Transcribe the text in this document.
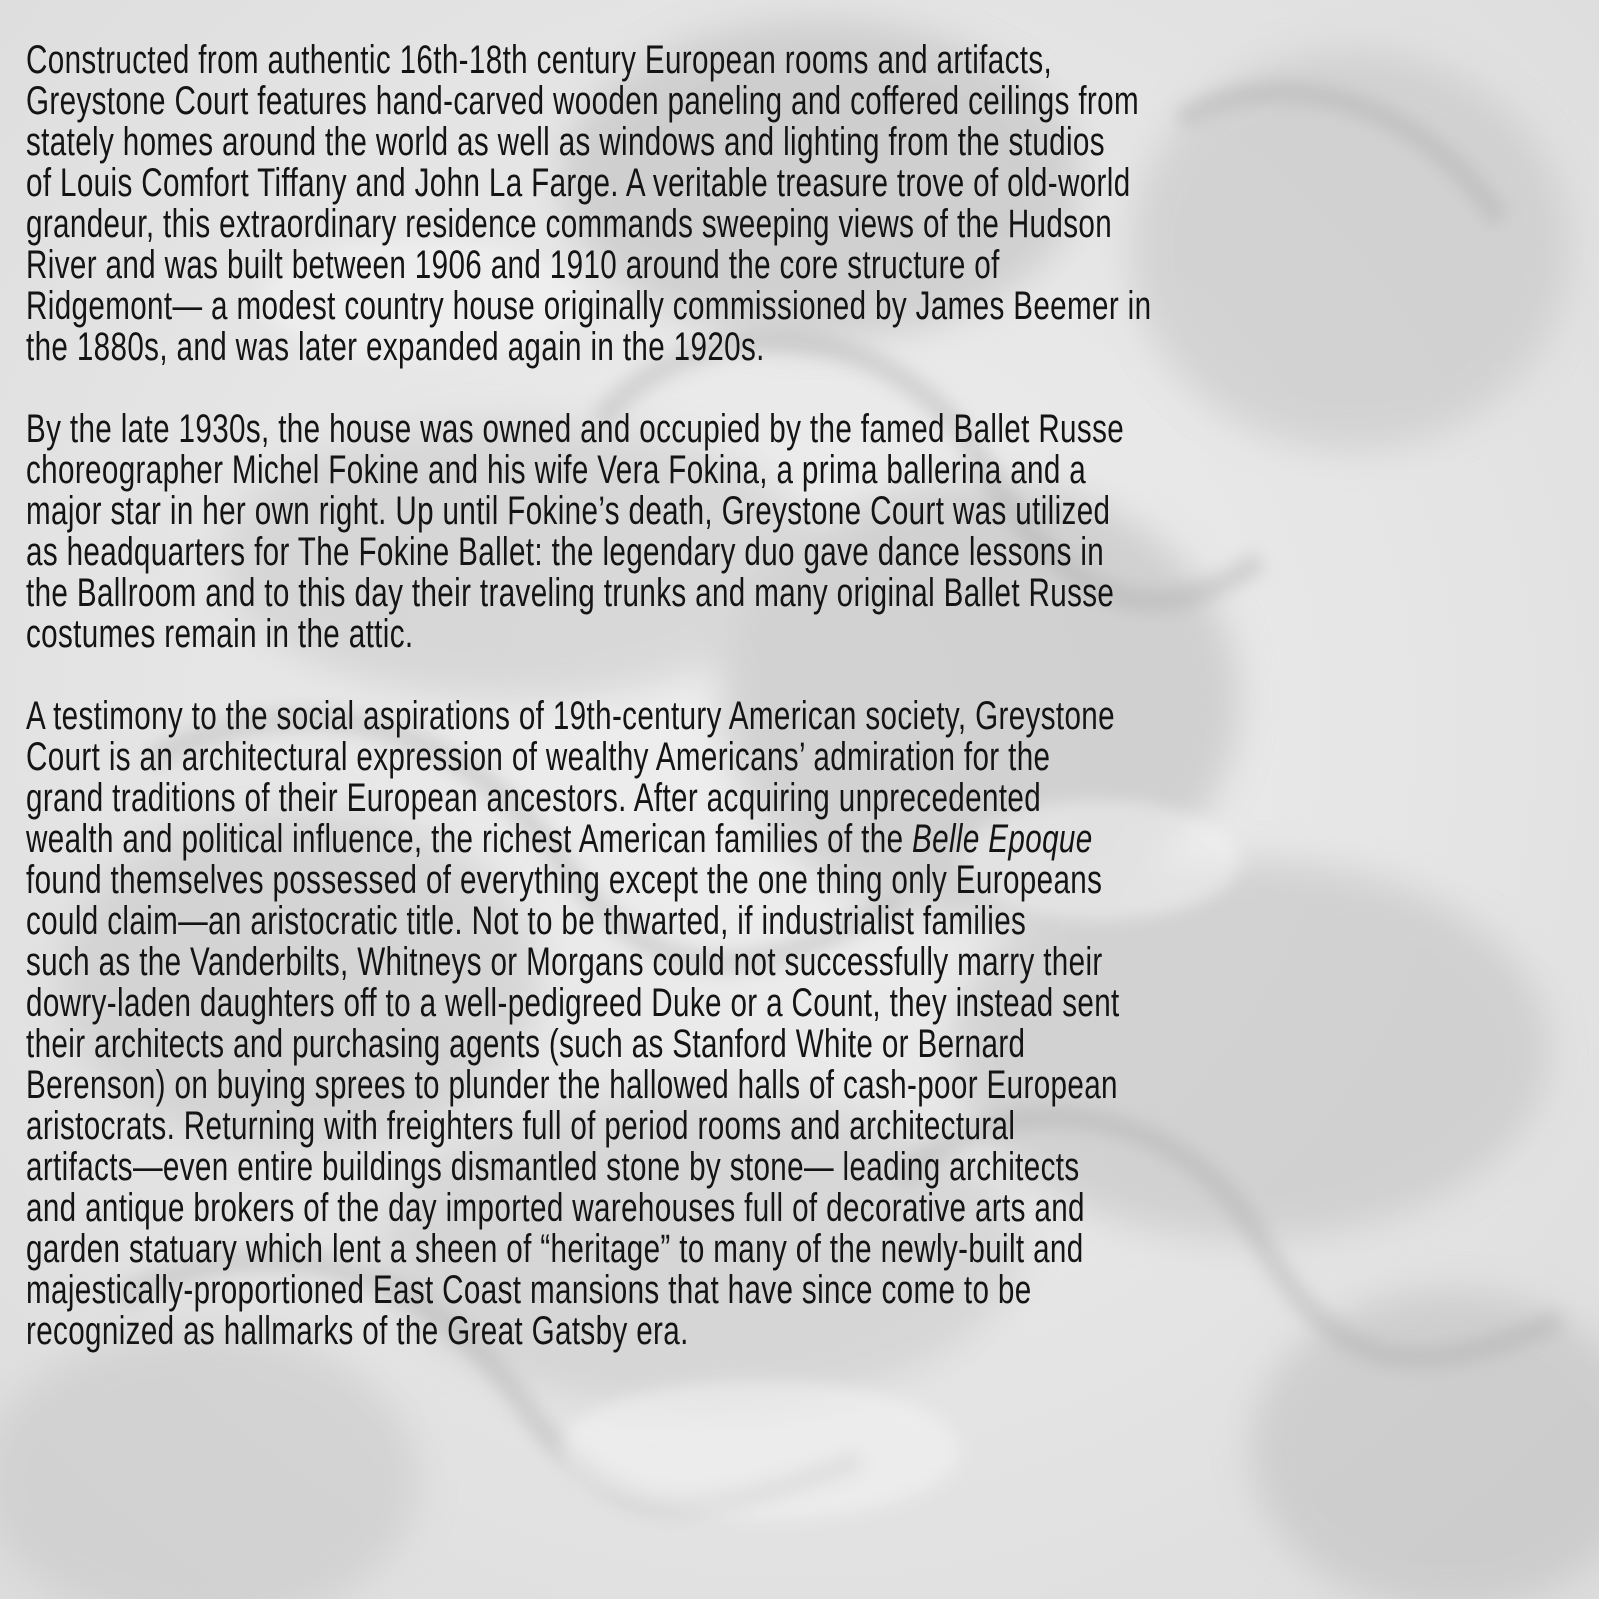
Constructed from authentic 16th-18th century European rooms and artifacts,
Greystone Court features hand-carved wooden paneling and coffered ceilings from
stately homes around the world as well as windows and lighting from the studios
of Louis Comfort Tiffany and John La Farge. A veritable treasure trove of old-world
grandeur, this extraordinary residence commands sweeping views of the Hudson
River and was built between 1906 and 1910 around the core structure of
Ridgemont— a modest country house originally commissioned by James Beemer in
the 1880s, and was later expanded again in the 1920s.
By the late 1930s, the house was owned and occupied by the famed Ballet Russe
choreographer Michel Fokine and his wife Vera Fokina, a prima ballerina and a
major star in her own right. Up until Fokine’s death, Greystone Court was utilized
as headquarters for The Fokine Ballet: the legendary duo gave dance lessons in
the Ballroom and to this day their traveling trunks and many original Ballet Russe
costumes remain in the attic.
A testimony to the social aspirations of 19th-century American society, Greystone
Court is an architectural expression of wealthy Americans’ admiration for the
grand traditions of their European ancestors. After acquiring unprecedented
wealth and political influence, the richest American families of the Belle Epoque
found themselves possessed of everything except the one thing only Europeans
could claim—an aristocratic title. Not to be thwarted, if industrialist families
such as the Vanderbilts, Whitneys or Morgans could not successfully marry their
dowry-laden daughters off to a well-pedigreed Duke or a Count, they instead sent
their architects and purchasing agents (such as Stanford White or Bernard
Berenson) on buying sprees to plunder the hallowed halls of cash-poor European
aristocrats. Returning with freighters full of period rooms and architectural
artifacts—even entire buildings dismantled stone by stone— leading architects
and antique brokers of the day imported warehouses full of decorative arts and
garden statuary which lent a sheen of “heritage” to many of the newly-built and
majestically-proportioned East Coast mansions that have since come to be
recognized as hallmarks of the Great Gatsby era.
